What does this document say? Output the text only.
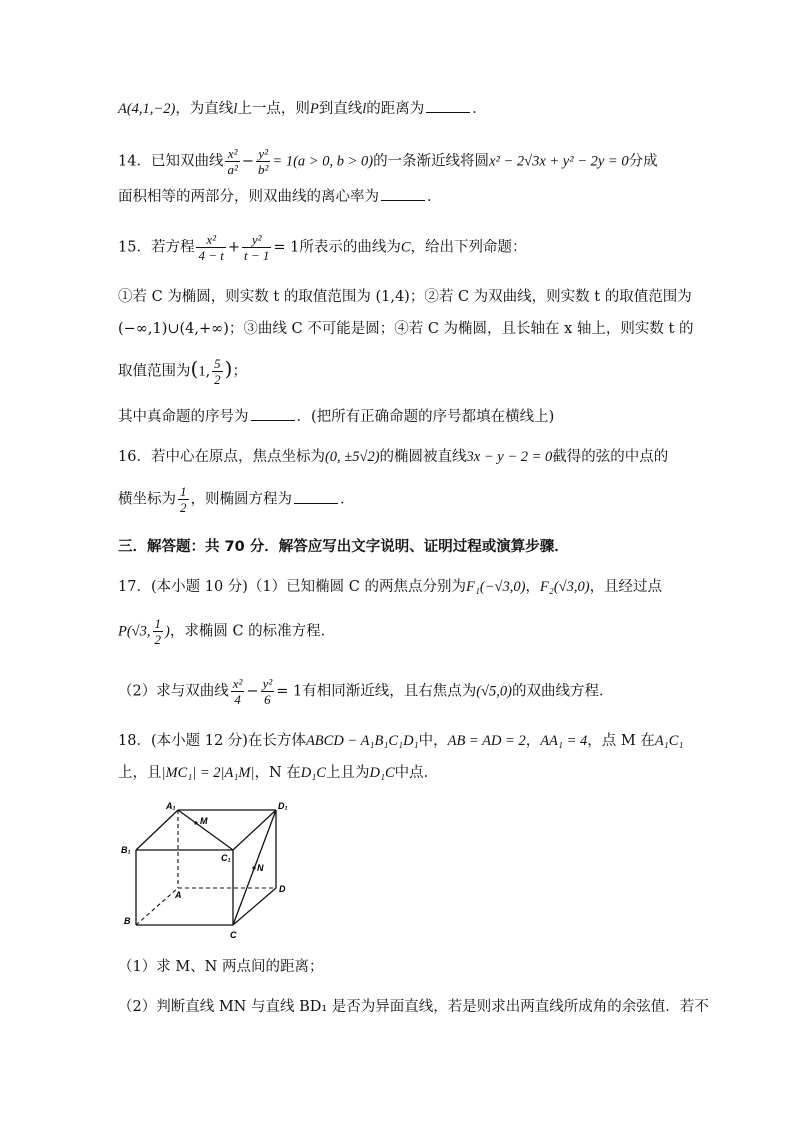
A(4,1,−2)，为直线l上一点，则P到直线l的距离为	．
14．已知双曲线 $\frac{\text{x²}}{\text{a²}} - \frac{\text{y²}}{\text{b²}} = 1(a > 0$, b > 0)的一条渐近线将圆x² − 2√3x + y² − 2y = 0分成
面积相等的两部分，则双曲线的离心率为	．
15．若方程 $\frac{\text{x²}}{4 - t} + \frac{\text{y²}}{t - 1} = 1$所表示的曲线为C，给出下列命题：
①若 C 为椭圆，则实数 t 的取值范围为 (1,4)；②若 C 为双曲线，则实数 t 的取值范围为
(−∞,1)∪(4,+∞)；③曲线 C 不可能是圆；④若 C 为椭圆，且长轴在 x 轴上，则实数 t 的
取值范围为(1, $\frac{5}{2}$ )；
其中真命题的序号为	．(把所有正确命题的序号都填在横线上)
16．若中心在原点，焦点坐标为(0, ±5√2)的椭圆被直线3x − y − 2 = 0截得的弦的中点的
横坐标为 $\frac{1}{2}$ ，则椭圆方程为	．
三．解答题：共 70 分．解答应写出文字说明、证明过程或演算步骤．
17．(本小题 10 分)（1）已知椭圆 C 的两焦点分别为F₁(−√3,0)，F₂(√3,0)，且经过点
P(√3, $\frac{1}{2}$ )，求椭圆 C 的标准方程．
（2）求与双曲线 $\frac{\text{x²}}{4} - \frac{\text{y²}}{6} = 1$有相同渐近线，且右焦点为(√5,0)的双曲线方程．
18．(本小题 12 分)在长方体ABCD − A₁B₁C₁D₁中，AB = AD = 2，AA₁ = 4，点 M 在A₁C₁
上，且|MC₁| = 2|A₁M|，N 在D₁C上且为D₁C中点．
A₁	D₁
B₁
C₁
M
N
A
D
B
C
（1）求 M、N 两点间的距离；
（2）判断直线 MN 与直线 BD₁ 是否为异面直线，若是则求出两直线所成角的余弦值．若不
